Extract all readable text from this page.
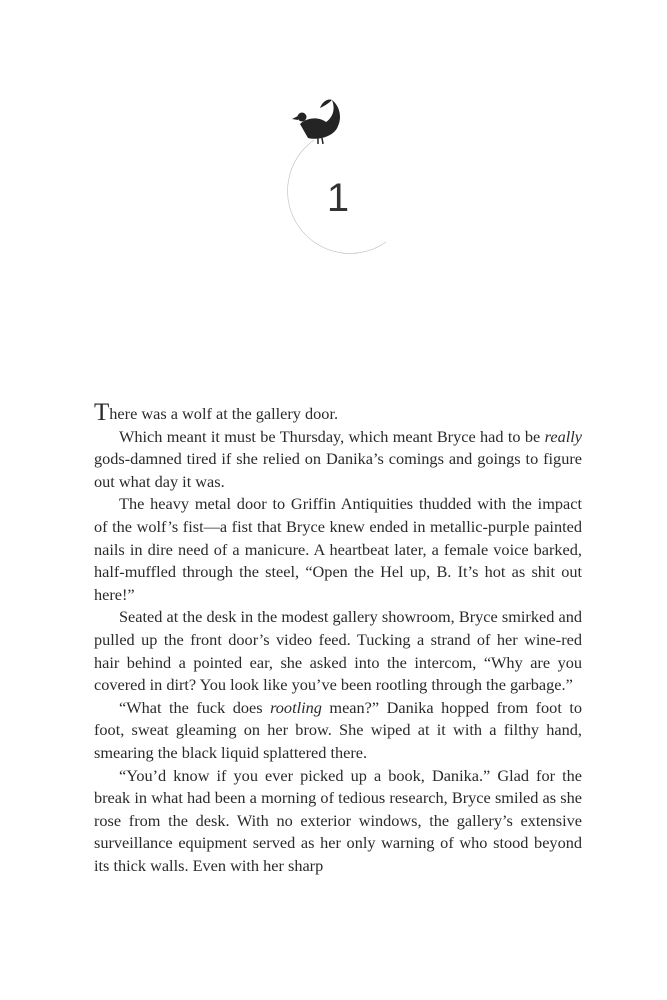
1

There was a wolf at the gallery door.

Which meant it must be Thursday, which meant Bryce had to be really gods-damned tired if she relied on Danika’s comings and goings to figure out what day it was.

The heavy metal door to Griffin Antiquities thudded with the impact of the wolf’s fist—a fist that Bryce knew ended in metallic-purple painted nails in dire need of a manicure. A heartbeat later, a female voice barked, half-muffled through the steel, “Open the Hel up, B. It’s hot as shit out here!”

Seated at the desk in the modest gallery showroom, Bryce smirked and pulled up the front door’s video feed. Tucking a strand of her wine-red hair behind a pointed ear, she asked into the intercom, “Why are you covered in dirt? You look like you’ve been rootling through the garbage.”

“What the fuck does rootling mean?” Danika hopped from foot to foot, sweat gleaming on her brow. She wiped at it with a filthy hand, smearing the black liquid splattered there.

“You’d know if you ever picked up a book, Danika.” Glad for the break in what had been a morning of tedious research, Bryce smiled as she rose from the desk. With no exterior windows, the gallery’s extensive surveillance equipment served as her only warning of who stood beyond its thick walls. Even with her sharp
